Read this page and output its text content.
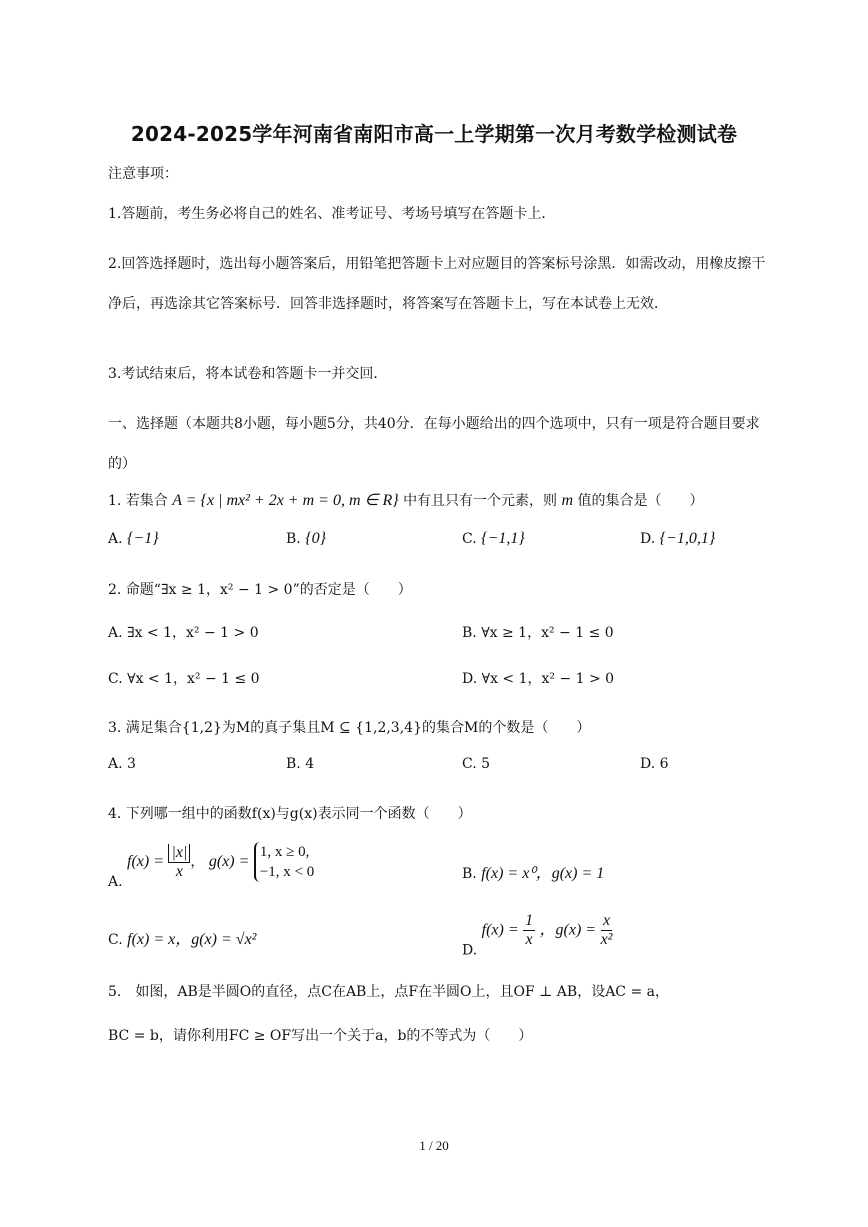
2024-2025学年河南省南阳市高一上学期第一次月考数学检测试卷
注意事项：
1.答题前，考生务必将自己的姓名、准考证号、考场号填写在答题卡上．
2.回答选择题时，选出每小题答案后，用铅笔把答题卡上对应题目的答案标号涂黑．如需改动，用橡皮擦干净后，再选涂其它答案标号．回答非选择题时，将答案写在答题卡上，写在本试卷上无效．
3.考试结束后，将本试卷和答题卡一并交回．
一、选择题（本题共8小题，每小题5分，共40分．在每小题给出的四个选项中，只有一项是符合题目要求的）
1. 若集合 A = {x | mx² + 2x + m = 0, m ∈ R} 中有且只有一个元素，则 m 值的集合是（　　）
A. {−1}	B. {0}	C. {−1,1}	D. {−1,0,1}
2. 命题“∃x ≥ 1，x² − 1 > 0”的否定是（　　）
A. ∃x < 1，x² − 1 > 0	B. ∀x ≥ 1，x² − 1 ≤ 0
C. ∀x < 1，x² − 1 ≤ 0	D. ∀x < 1，x² − 1 > 0
3. 满足集合{1,2}为M的真子集且M ⊆ {1,2,3,4}的集合M的个数是（　　）
A. 3	B. 4	C. 5	D. 6
4. 下列哪一组中的函数f(x)与g(x)表示同一个函数（　　）
A. $f(x) = \frac{|x|}{x}$ ， g(x) =
1, x ≥ 0,
−1, x < 0	B. f(x) = x⁰，g(x) = 1
C. f(x) = x，g(x) = √x²
D. $f(x) = \frac{1}{x}$ ，$g(x) = \frac{x}{\text{x²}}$
5.　如图，AB是半圆O的直径，点C在AB上，点F在半圆O上，且OF ⊥ AB，设AC = a，
BC = b，请你利用FC ≥ OF写出一个关于a，b的不等式为（　　）
1 / 20
